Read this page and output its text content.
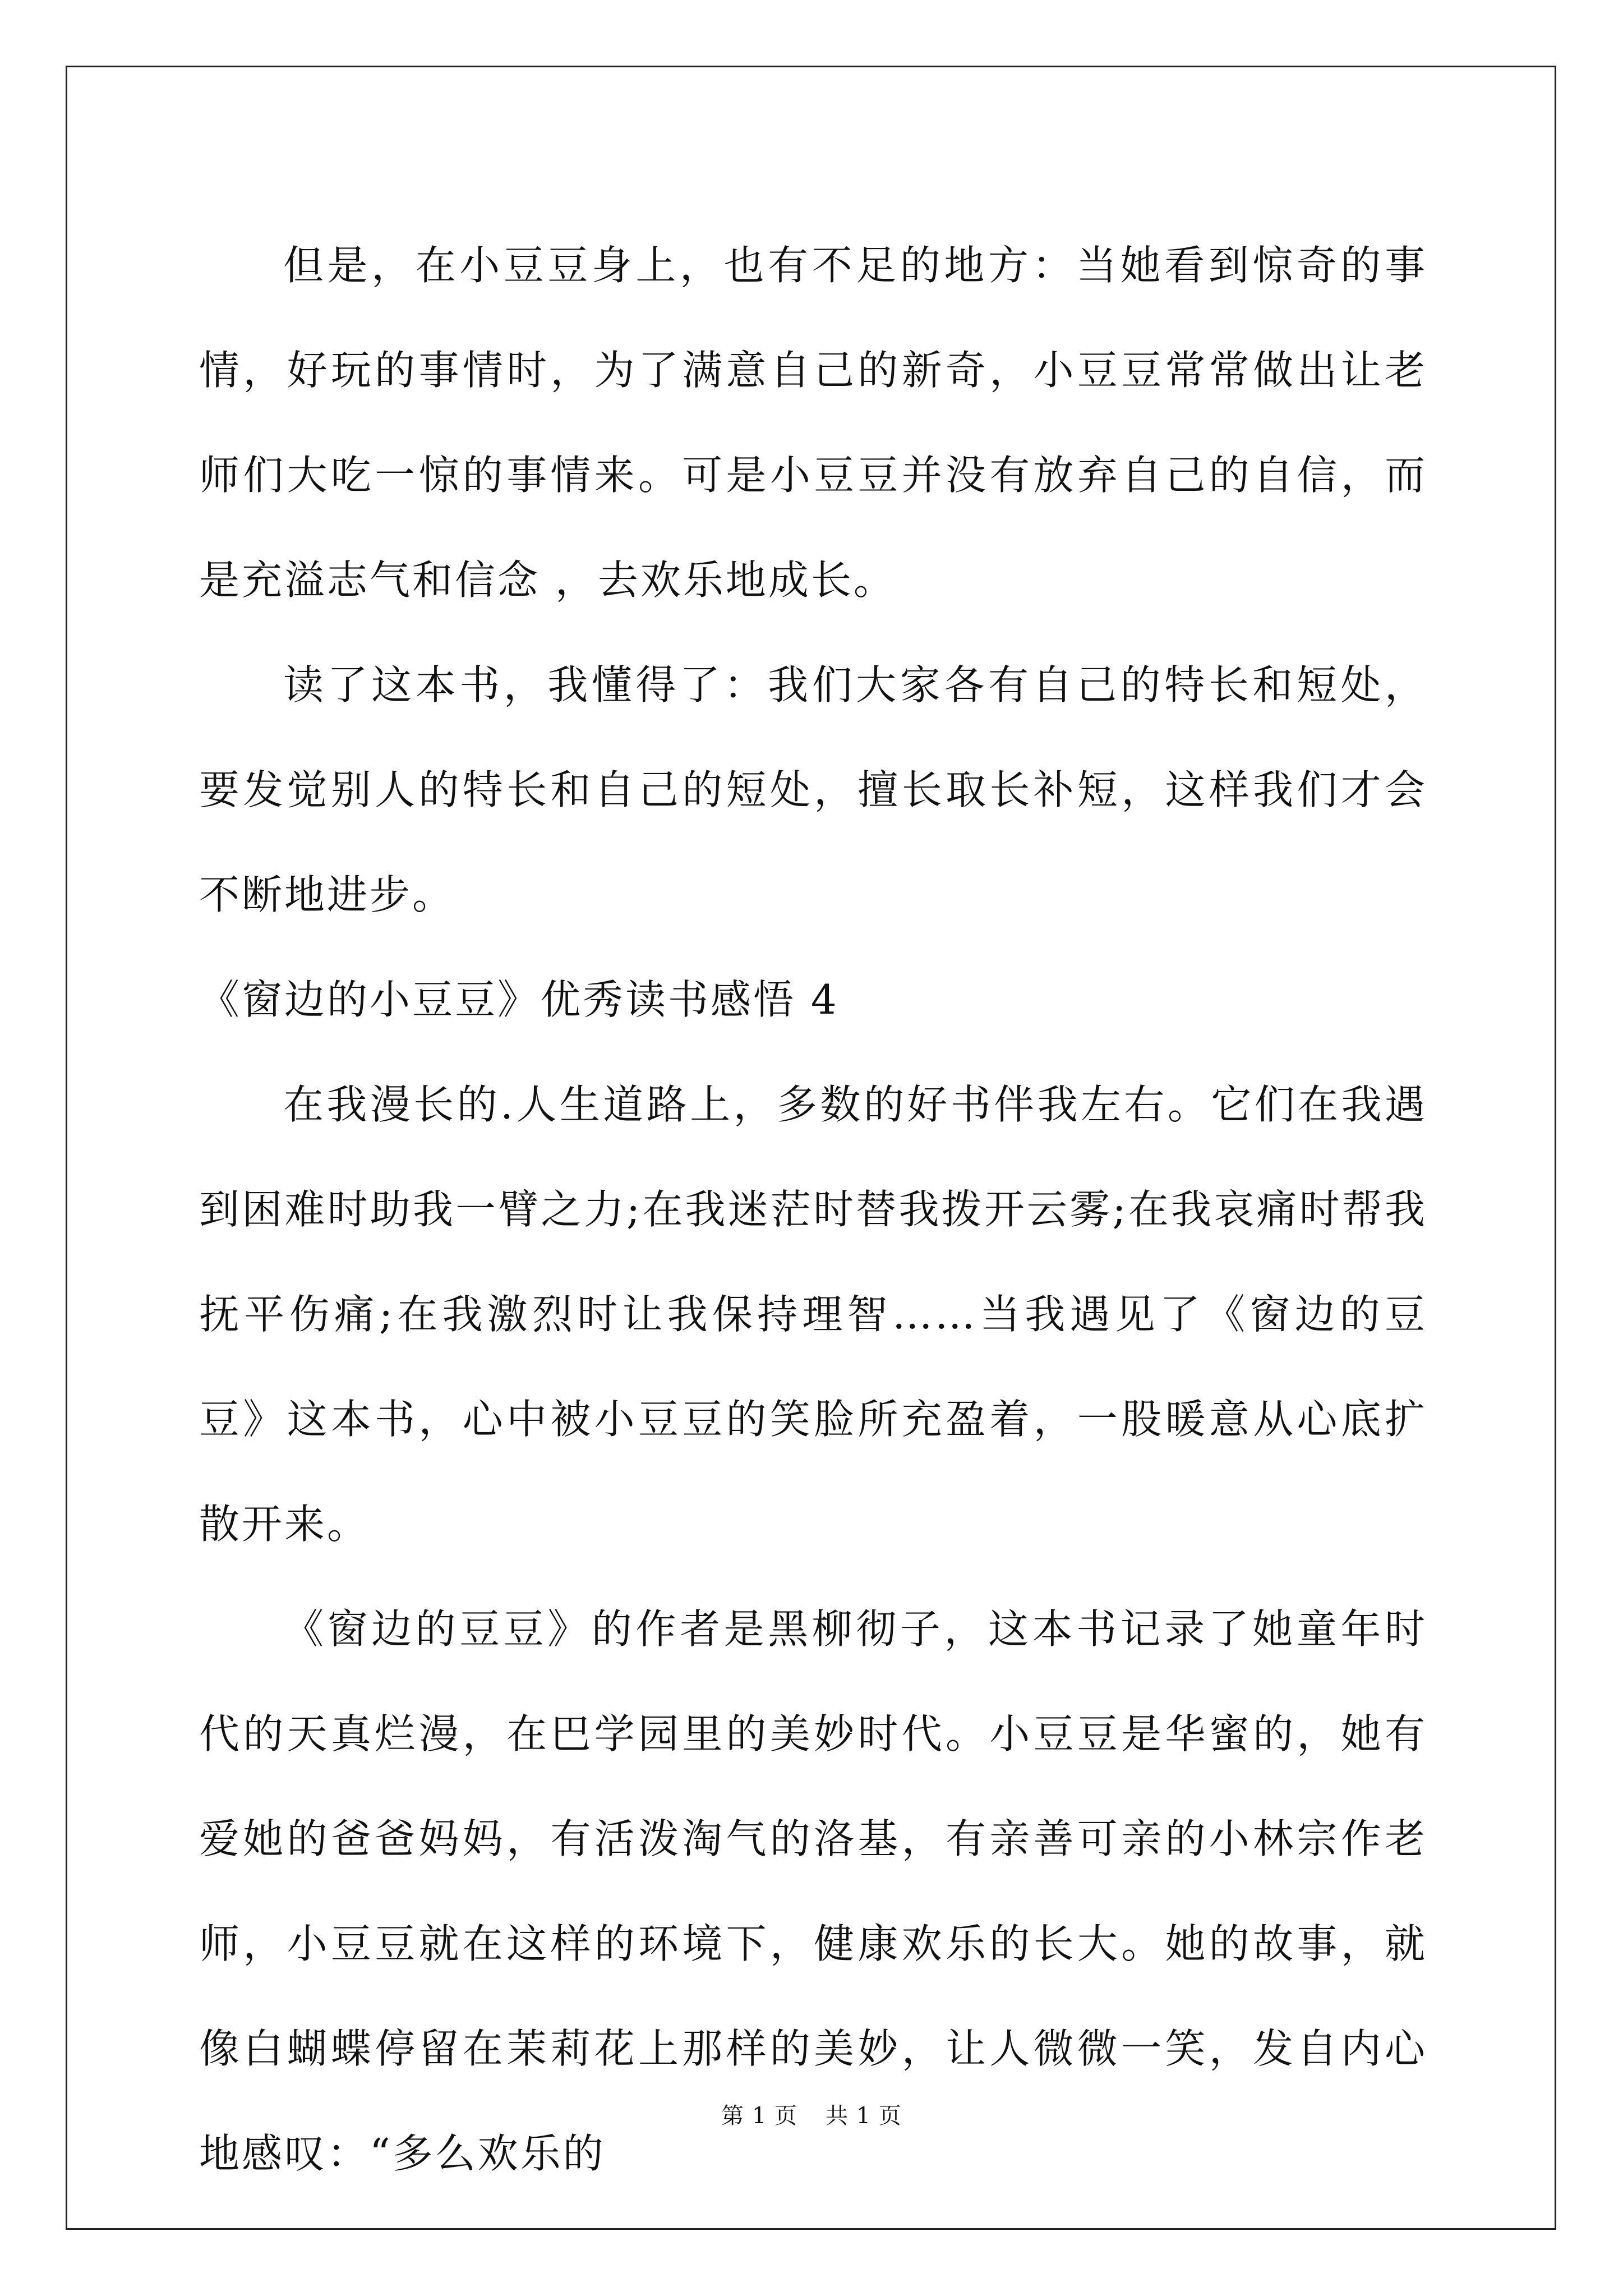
但是，在小豆豆身上，也有不足的地方：当她看到惊奇的事情，好玩的事情时，为了满意自己的新奇，小豆豆常常做出让老师们大吃一惊的事情来。可是小豆豆并没有放弃自己的自信，而是充溢志气和信念 ，去欢乐地成长。

读了这本书，我懂得了：我们大家各有自己的特长和短处，要发觉别人的特长和自己的短处，擅长取长补短，这样我们才会不断地进步。

《窗边的小豆豆》优秀读书感悟 4

在我漫长的.人生道路上，多数的好书伴我左右。它们在我遇到困难时助我一臂之力;在我迷茫时替我拨开云雾;在我哀痛时帮我抚平伤痛;在我激烈时让我保持理智……当我遇见了《窗边的豆豆》这本书，心中被小豆豆的笑脸所充盈着，一股暖意从心底扩散开来。

《窗边的豆豆》的作者是黑柳彻子，这本书记录了她童年时代的天真烂漫，在巴学园里的美妙时代。小豆豆是华蜜的，她有爱她的爸爸妈妈，有活泼淘气的洛基，有亲善可亲的小林宗作老师，小豆豆就在这样的环境下，健康欢乐的长大。她的故事，就像白蝴蝶停留在茉莉花上那样的美妙，让人微微一笑，发自内心地感叹：“多么欢乐的

第 1 页 共 1 页
